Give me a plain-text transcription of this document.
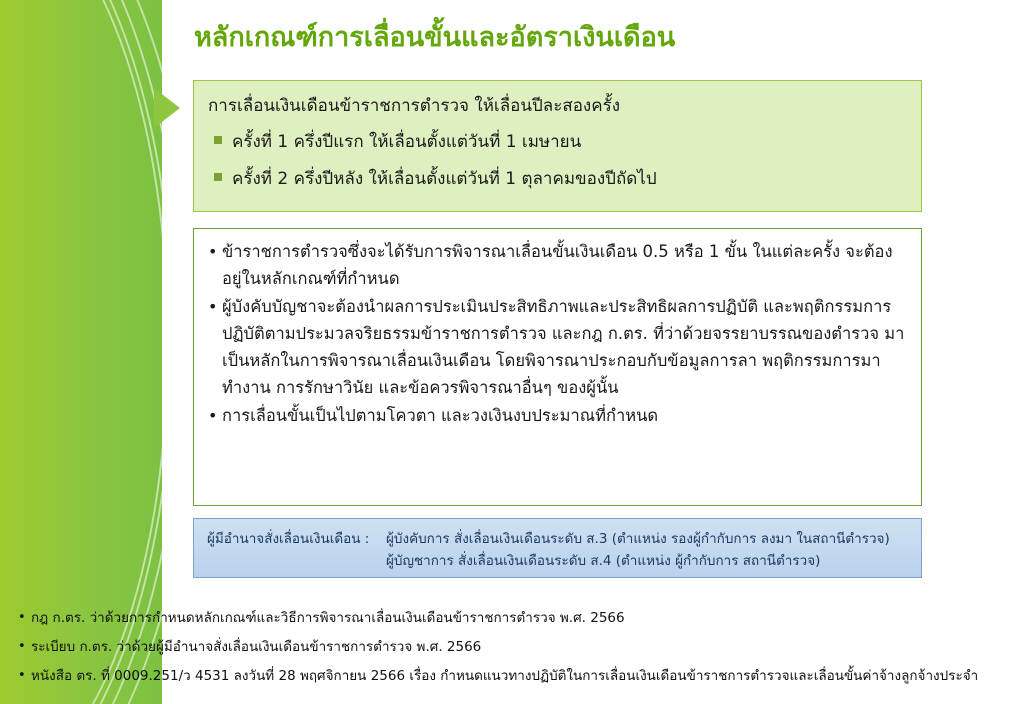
หลักเกณฑ์การเลื่อนขั้นและอัตราเงินเดือน
การเลื่อนเงินเดือนข้าราชการตำรวจ ให้เลื่อนปีละสองครั้ง
ครั้งที่ 1 ครึ่งปีแรก ให้เลื่อนตั้งแต่วันที่ 1 เมษายน
ครั้งที่ 2 ครึ่งปีหลัง ให้เลื่อนตั้งแต่วันที่ 1 ตุลาคมของปีถัดไป
• ข้าราชการตำรวจซึ่งจะได้รับการพิจารณาเลื่อนขั้นเงินเดือน 0.5 หรือ 1 ขั้น ในแต่ละครั้ง จะต้องอยู่ในหลักเกณฑ์ที่กำหนด
• ผู้บังคับบัญชาจะต้องนำผลการประเมินประสิทธิภาพและประสิทธิผลการปฏิบัติ และพฤติกรรมการปฏิบัติตามประมวลจริยธรรมข้าราชการตำรวจ และกฎ ก.ตร. ที่ว่าด้วยจรรยาบรรณของตำรวจ มาเป็นหลักในการพิจารณาเลื่อนเงินเดือน โดยพิจารณาประกอบกับข้อมูลการลา พฤติกรรมการมาทำงาน การรักษาวินัย และข้อควรพิจารณาอื่นๆ ของผู้นั้น
• การเลื่อนขั้นเป็นไปตามโควตา และวงเงินงบประมาณที่กำหนด
ผู้มีอำนาจสั่งเลื่อนเงินเดือน : ผู้บังคับการ สั่งเลื่อนเงินเดือนระดับ ส.3 (ตำแหน่ง รองผู้กำกับการ ลงมา ในสถานีตำรวจ)
ผู้บัญชาการ สั่งเลื่อนเงินเดือนระดับ ส.4 (ตำแหน่ง ผู้กำกับการ สถานีตำรวจ)
• กฎ ก.ตร. ว่าด้วยการกำหนดหลักเกณฑ์และวิธีการพิจารณาเลื่อนเงินเดือนข้าราชการตำรวจ พ.ศ. 2566
• ระเบียบ ก.ตร. ว่าด้วยผู้มีอำนาจสั่งเลื่อนเงินเดือนข้าราชการตำรวจ พ.ศ. 2566
• หนังสือ ตร. ที่ 0009.251/ว 4531 ลงวันที่ 28 พฤศจิกายน 2566 เรื่อง กำหนดแนวทางปฏิบัติในการเลื่อนเงินเดือนข้าราชการตำรวจและเลื่อนขั้นค่าจ้างลูกจ้างประจำ
